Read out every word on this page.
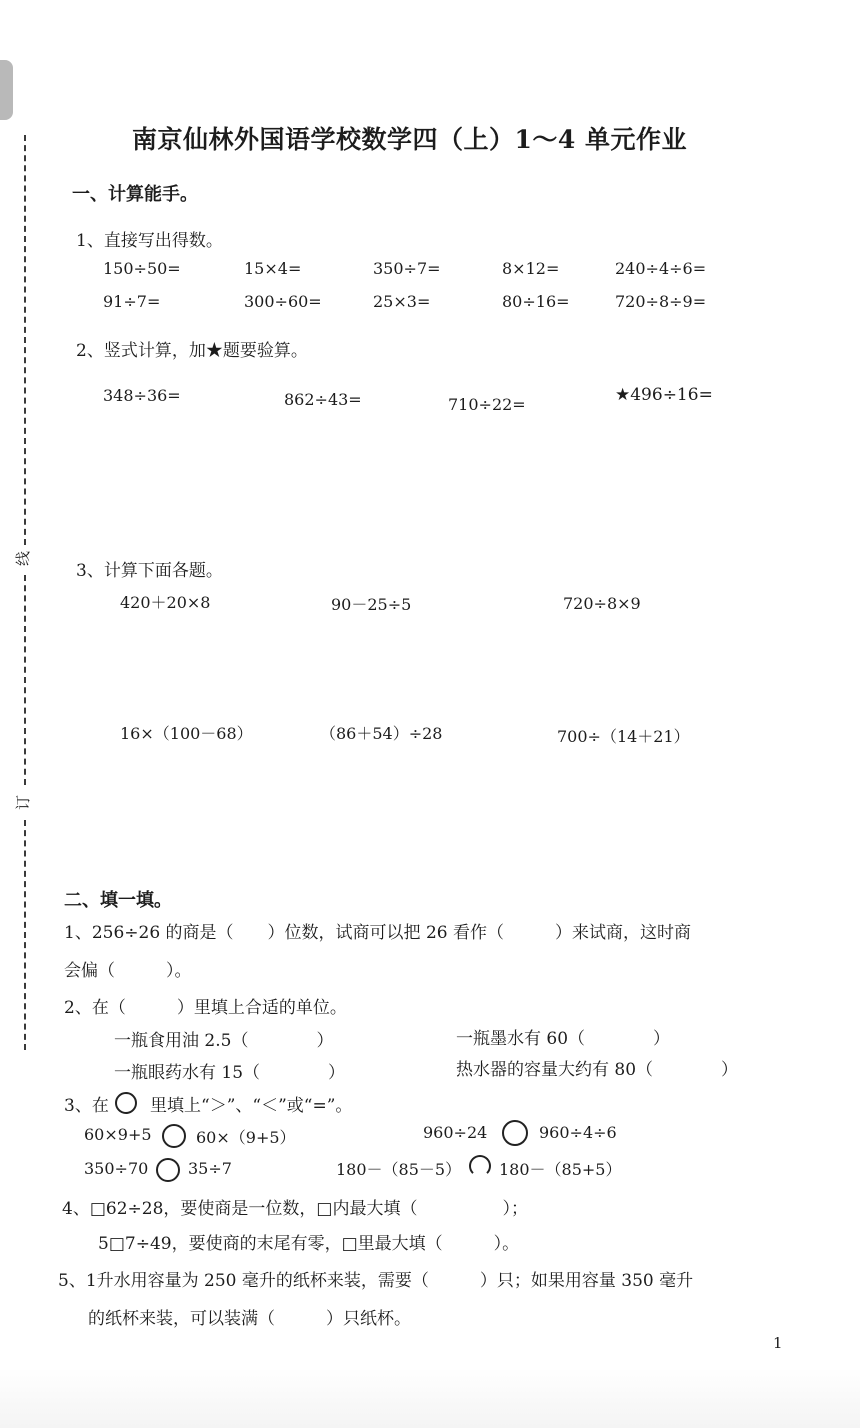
线
订
南京仙林外国语学校数学四（上）1～4 单元作业
一、计算能手。
1、直接写出得数。
150÷50=	15×4=	350÷7=	8×12=	240÷4÷6=
91÷7=	300÷60=	25×3=	80÷16=	720÷8÷9=
2、竖式计算，加★题要验算。
348÷36=	862÷43=	710÷22=	★496÷16=
3、计算下面各题。
420＋20×8	90－25÷5	720÷8×9
16×（100－68）	（86＋54）÷28	700÷（14＋21）
二、填一填。
1、256÷26 的商是（　　）位数，试商可以把 26 看作（　　　）来试商，这时商
会偏（　　　）。
2、在（　　　）里填上合适的单位。
一瓶食用油 2.5（　　　　）	一瓶墨水有 60（　　　　）
一瓶眼药水有 15（　　　　）	热水器的容量大约有 80（　　　　）
3、在 里填上“＞”、“＜”或“=”。
60×9+5	60×（9+5）	960÷24	960÷4÷6
350÷70 35÷7	180－（85－5） 180－（85+5）
4、□62÷28，要使商是一位数，□内最大填（　　　　　）；
5□7÷49，要使商的末尾有零，□里最大填（　　　）。
5、1升水用容量为 250 毫升的纸杯来装，需要（　　　）只；如果用容量 350 毫升
的纸杯来装，可以装满（　　　）只纸杯。
1
